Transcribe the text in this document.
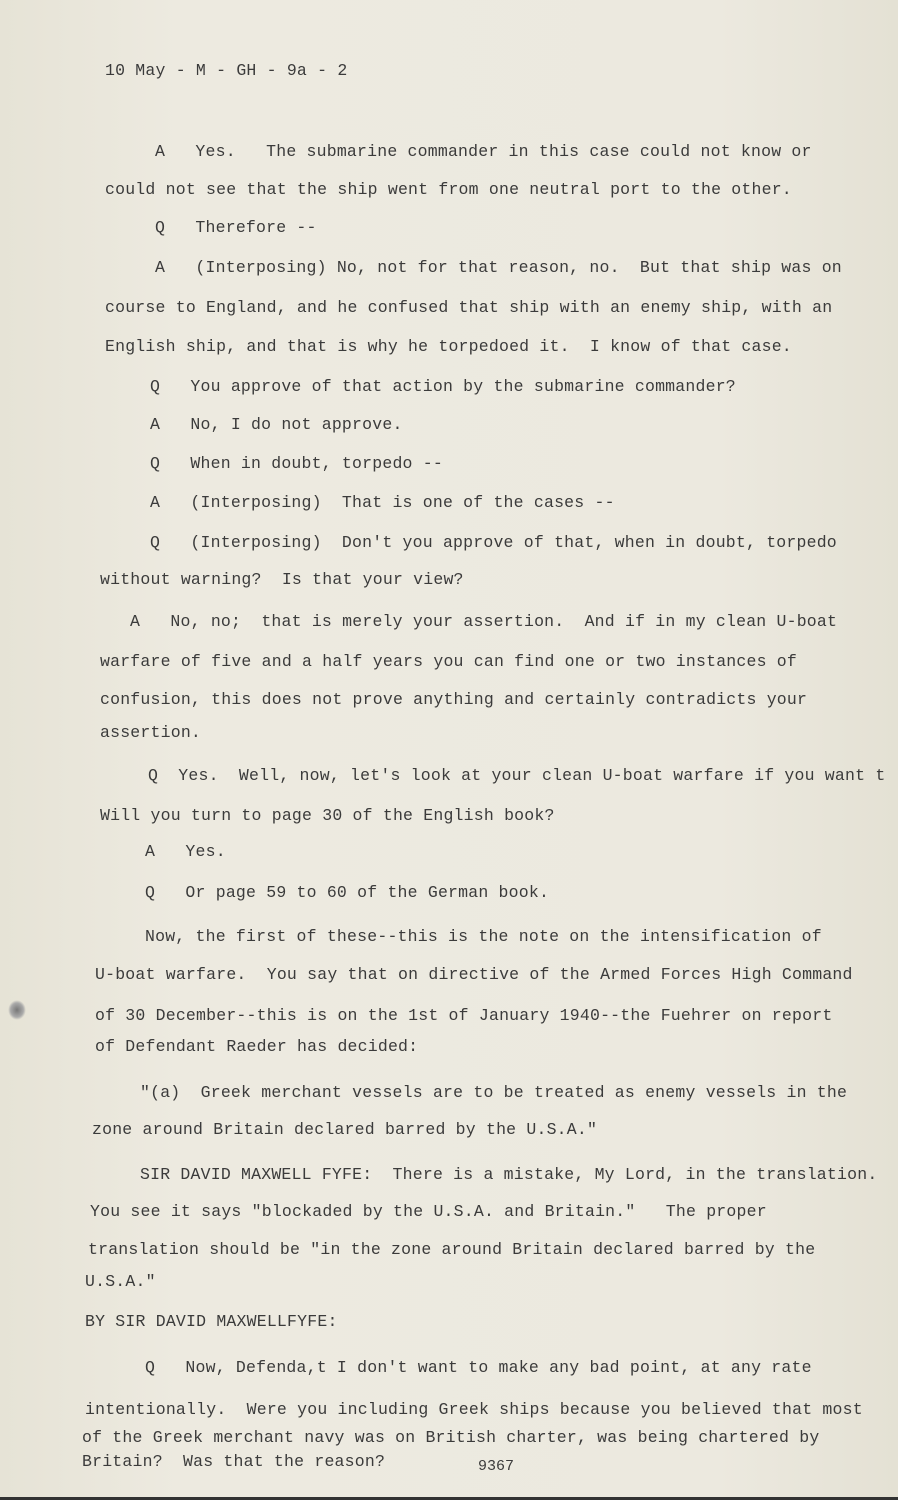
10 May - M - GH - 9a - 2
A   Yes.   The submarine commander in this case could not know or
could not see that the ship went from one neutral port to the other.
Q   Therefore --
A   (Interposing) No, not for that reason, no.  But that ship was on
course to England, and he confused that ship with an enemy ship, with an
English ship, and that is why he torpedoed it.  I know of that case.
Q   You approve of that action by the submarine commander?
A   No, I do not approve.
Q   When in doubt, torpedo --
A   (Interposing)  That is one of the cases --
Q   (Interposing)  Don't you approve of that, when in doubt, torpedo
without warning?  Is that your view?
A   No, no;  that is merely your assertion.  And if in my clean U-boat
warfare of five and a half years you can find one or two instances of
confusion, this does not prove anything and certainly contradicts your
assertion.
Q  Yes.  Well, now, let's look at your clean U-boat warfare if you want t
Will you turn to page 30 of the English book?
A   Yes.
Q   Or page 59 to 60 of the German book.
Now, the first of these--this is the note on the intensification of
U-boat warfare.  You say that on directive of the Armed Forces High Command
of 30 December--this is on the 1st of January 1940--the Fuehrer on report
of Defendant Raeder has decided:
"(a)  Greek merchant vessels are to be treated as enemy vessels in the
zone around Britain declared barred by the U.S.A."
SIR DAVID MAXWELL FYFE:  There is a mistake, My Lord, in the translation.
You see it says "blockaded by the U.S.A. and Britain."   The proper
translation should be "in the zone around Britain declared barred by the
U.S.A."
BY SIR DAVID MAXWELLFYFE:
Q   Now, Defenda,t I don't want to make any bad point, at any rate
intentionally.  Were you including Greek ships because you believed that most
of the Greek merchant navy was on British charter, was being chartered by
Britain?  Was that the reason?	9367
